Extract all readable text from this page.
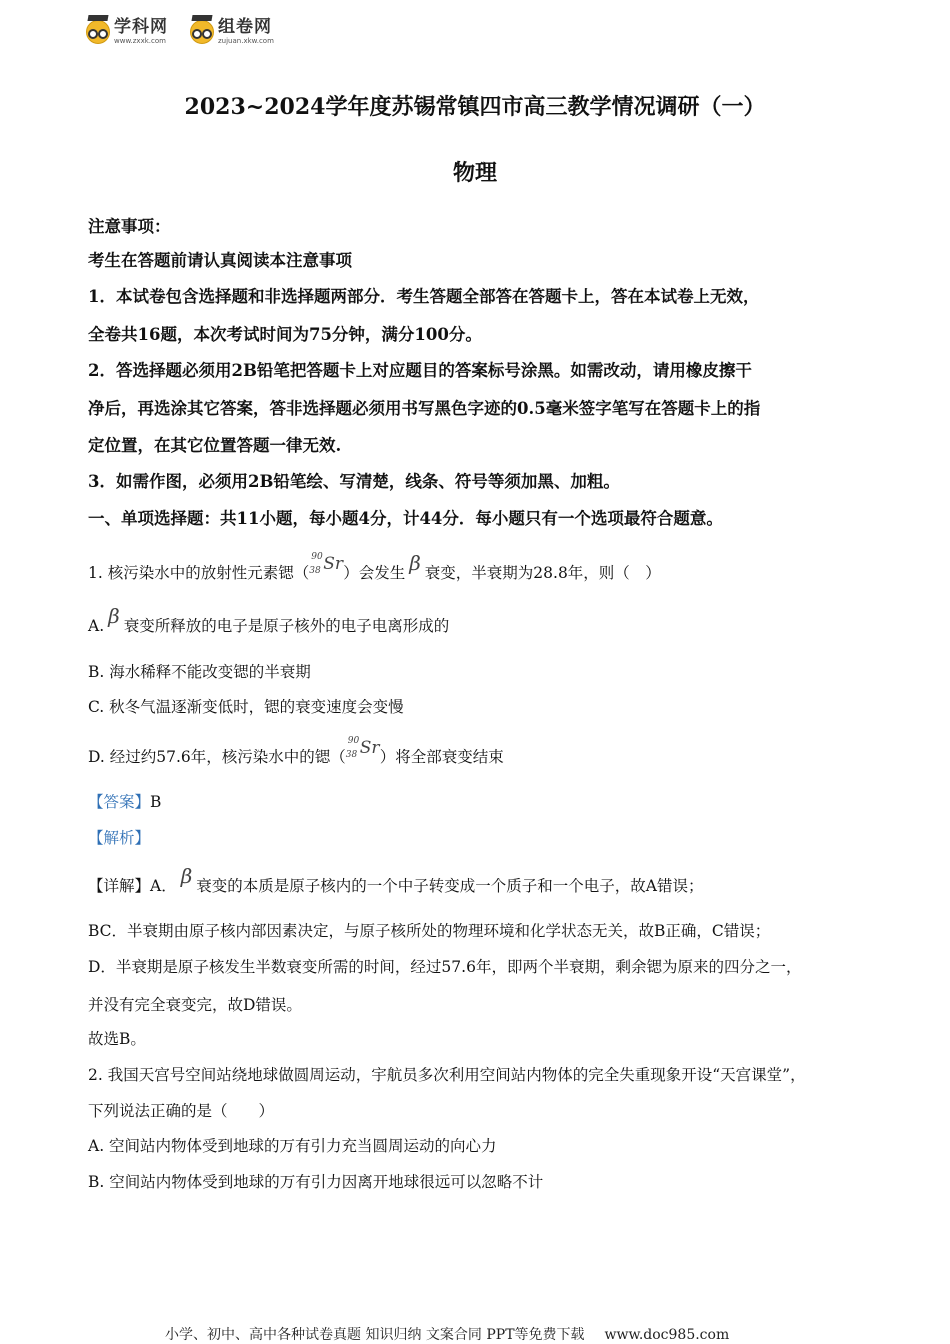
学科网
www.zxxk.com
组卷网
zujuan.xkw.com
2023~2024学年度苏锡常镇四市高三教学情况调研（一）
物理
注意事项：
考生在答题前请认真阅读本注意事项
1．本试卷包含选择题和非选择题两部分．考生答题全部答在答题卡上，答在本试卷上无效，
全卷共16题，本次考试时间为75分钟，满分100分。
2．答选择题必须用2B铅笔把答题卡上对应题目的答案标号涂黑。如需改动，请用橡皮擦干
净后，再选涂其它答案，答非选择题必须用书写黑色字迹的0.5毫米签字笔写在答题卡上的指
定位置，在其它位置答题一律无效.
3．如需作图，必须用2B铅笔绘、写清楚，线条、符号等须加黑、加粗。
一、单项选择题：共11小题，每小题4分，计44分．每小题只有一个选项最符合题意。
1. 核污染水中的放射性元素锶（
90
38 Sr ）会发生 β 衰变，半衰期为28.8年，则（　）
A. β 衰变所释放的电子是原子核外的电子电离形成的
B. 海水稀释不能改变锶的半衰期
C. 秋冬气温逐渐变低时，锶的衰变速度会变慢
D. 经过约57.6年，核污染水中的锶（
90
38 Sr ）将全部衰变结束
【答案】B
【解析】
【详解】A． β 衰变的本质是原子核内的一个中子转变成一个质子和一个电子，故A错误；
BC．半衰期由原子核内部因素决定，与原子核所处的物理环境和化学状态无关，故B正确，C错误；
D．半衰期是原子核发生半数衰变所需的时间，经过57.6年，即两个半衰期，剩余锶为原来的四分之一，
并没有完全衰变完，故D错误。
故选B。
2. 我国天宫号空间站绕地球做圆周运动，宇航员多次利用空间站内物体的完全失重现象开设“天宫课堂”，
下列说法正确的是（　　）
A. 空间站内物体受到地球的万有引力充当圆周运动的向心力
B. 空间站内物体受到地球的万有引力因离开地球很远可以忽略不计
小学、初中、高中各种试卷真题 知识归纳 文案合同 PPT等免费下载 www.doc985.com
